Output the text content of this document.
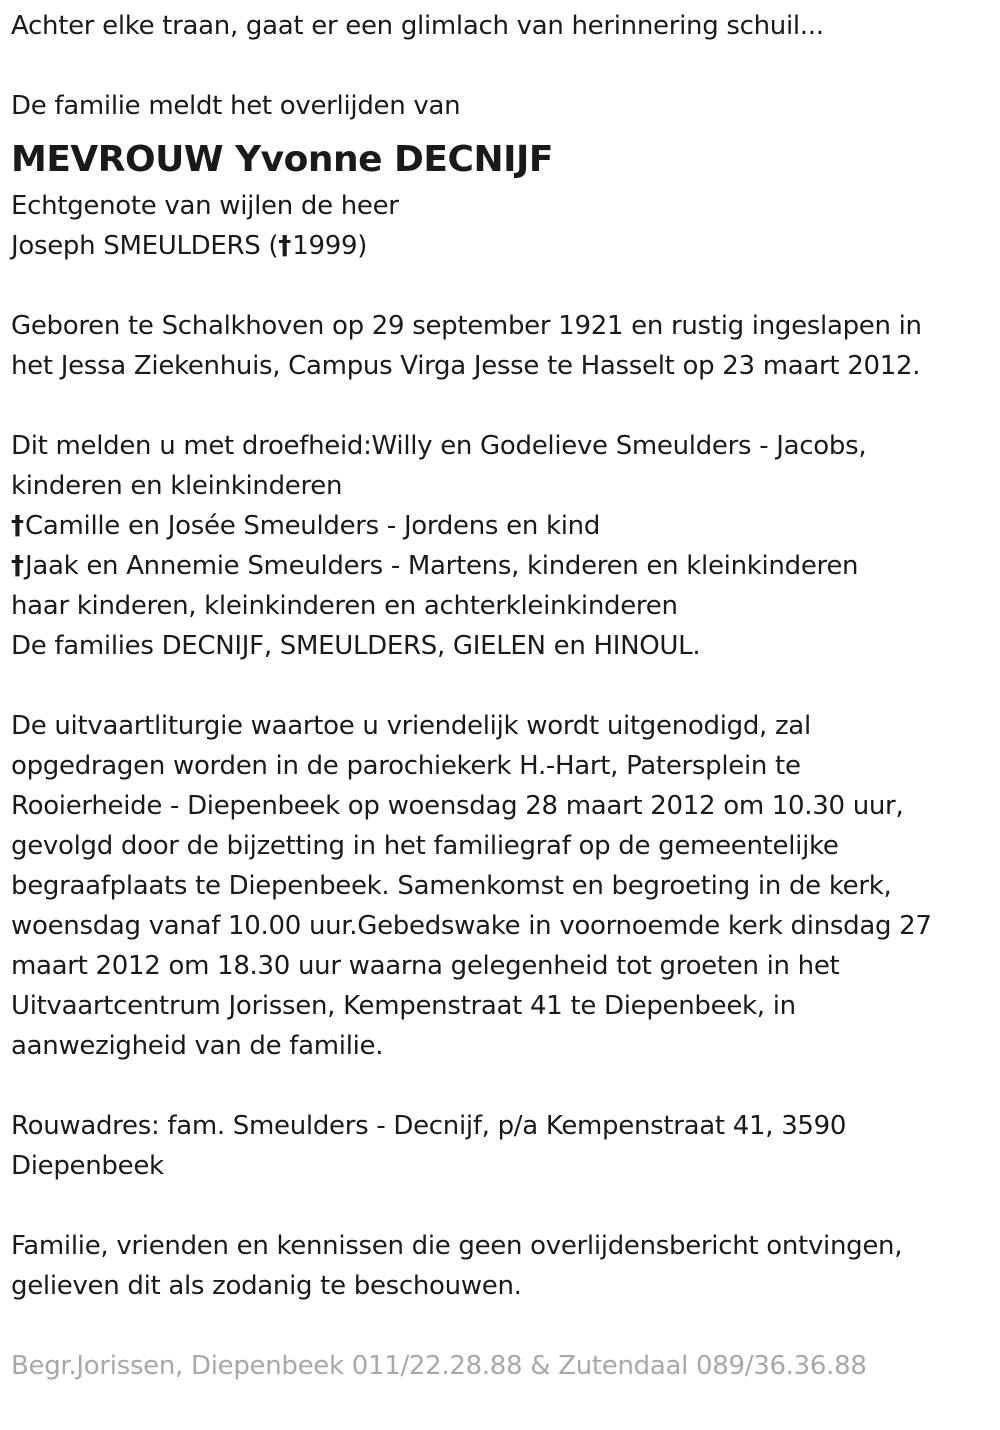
Achter elke traan, gaat er een glimlach van herinnering schuil...
De familie meldt het overlijden van
MEVROUW Yvonne DECNIJF
Echtgenote van wijlen de heer
Joseph SMEULDERS (†1999)
Geboren te Schalkhoven op 29 september 1921 en rustig ingeslapen in
het Jessa Ziekenhuis, Campus Virga Jesse te Hasselt op 23 maart 2012.
Dit melden u met droefheid:Willy en Godelieve Smeulders - Jacobs,
kinderen en kleinkinderen
†Camille en Josée Smeulders - Jordens en kind
†Jaak en Annemie Smeulders - Martens, kinderen en kleinkinderen
haar kinderen, kleinkinderen en achterkleinkinderen
De families DECNIJF, SMEULDERS, GIELEN en HINOUL.
De uitvaartliturgie waartoe u vriendelijk wordt uitgenodigd, zal
opgedragen worden in de parochiekerk H.-Hart, Patersplein te
Rooierheide - Diepenbeek op woensdag 28 maart 2012 om 10.30 uur,
gevolgd door de bijzetting in het familiegraf op de gemeentelijke
begraafplaats te Diepenbeek. Samenkomst en begroeting in de kerk,
woensdag vanaf 10.00 uur.Gebedswake in voornoemde kerk dinsdag 27
maart 2012 om 18.30 uur waarna gelegenheid tot groeten in het
Uitvaartcentrum Jorissen, Kempenstraat 41 te Diepenbeek, in
aanwezigheid van de familie.
Rouwadres: fam. Smeulders - Decnijf, p/a Kempenstraat 41, 3590
Diepenbeek
Familie, vrienden en kennissen die geen overlijdensbericht ontvingen,
gelieven dit als zodanig te beschouwen.
Begr.Jorissen, Diepenbeek 011/22.28.88 & Zutendaal 089/36.36.88
